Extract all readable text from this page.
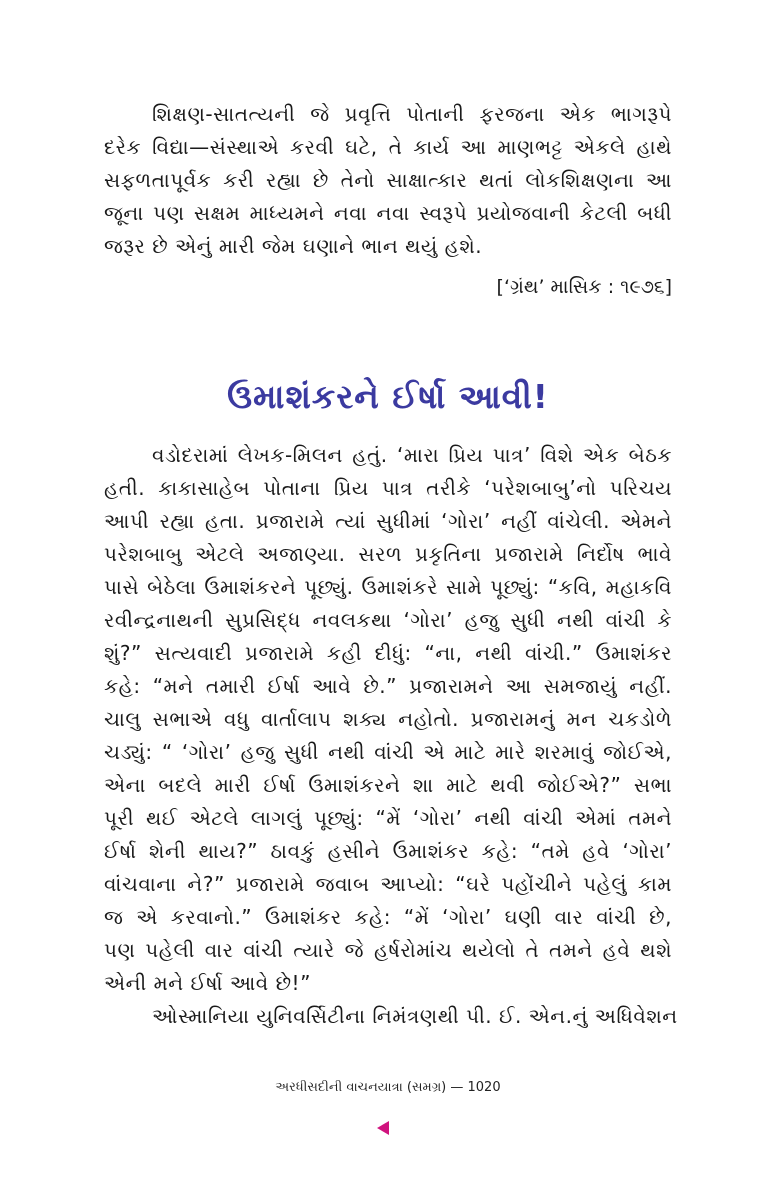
શિક્ષણ-સાતત્યની જે પ્રવૃત્તિ પોતાની ફરજના એક ભાગરૂપે
દરેક વિદ્યા—સંસ્થાએ કરવી ઘટે, તે કાર્ય આ માણભટ્ટ એકલે હાથે
સફળતાપૂર્વક કરી રહ્યા છે તેનો સાક્ષાત્કાર થતાં લોકશિક્ષણના આ
જૂના પણ સક્ષમ માધ્યમને નવા નવા સ્વરૂપે પ્રયોજવાની કેટલી બધી
જરૂર છે એનું મારી જેમ ઘણાને ભાન થયું હશે.

[‘ગ્રંથ’ માસિક : ૧૯૭૬]
ઉમાશંકરને ઈર્ષા આવી!

વડોદરામાં લેખક-મિલન હતું. ‘મારા પ્રિય પાત્ર’ વિશે એક બેઠક
હતી. કાકાસાહેબ પોતાના પ્રિય પાત્ર તરીકે ‘પરેશબાબુ’નો પરિચય
આપી રહ્યા હતા. પ્રજારામે ત્યાં સુધીમાં ‘ગોરા’ નહીં વાંચેલી. એમને
પરેશબાબુ એટલે અજાણ્યા. સરળ પ્રકૃતિના પ્રજારામે નિર્દોષ ભાવે
પાસે બેઠેલા ઉમાશંકરને પૂછ્યું. ઉમાશંકરે સામે પૂછ્યું: “કવિ, મહાકવિ
રવીન્દ્રનાથની સુપ્રસિદ્ધ નવલકથા ‘ગોરા’ હજુ સુધી નથી વાંચી કે
શું?” સત્યવાદી પ્રજારામે કહી દીધું: “ના, નથી વાંચી.” ઉમાશંકર
કહે: “મને તમારી ઈર્ષા આવે છે.” પ્રજારામને આ સમજાયું નહીં.
ચાલુ સભાએ વધુ વાર્તાલાપ શક્ય નહોતો. પ્રજારામનું મન ચકડોળે
ચડ્યું: “ ‘ગોરા’ હજુ સુધી નથી વાંચી એ માટે મારે શરમાવું જોઈએ,
એના બદલે મારી ઈર્ષા ઉમાશંકરને શા માટે થવી જોઈએ?” સભા
પૂરી થઈ એટલે લાગલું પૂછ્યું: “મેં ‘ગોરા’ નથી વાંચી એમાં તમને
ઈર્ષા શેની થાય?” ઠાવકું હસીને ઉમાશંકર કહે: “તમે હવે ‘ગોરા’
વાંચવાના ને?” પ્રજારામે જવાબ આપ્યો: “ઘરે પહોંચીને પહેલું કામ
જ એ કરવાનો.” ઉમાશંકર કહે: “મેં ‘ગોરા’ ઘણી વાર વાંચી છે,
પણ પહેલી વાર વાંચી ત્યારે જે હર્ષરોમાંચ થયેલો તે તમને હવે થશે
એની મને ઈર્ષા આવે છે!”

ઓસ્માનિયા યુનિવર્સિટીના નિમંત્રણથી પી. ઈ. એન.નું અધિવેશન

અરધીસદીની વાચનયાત્રા (સમગ્ર) — 1020
